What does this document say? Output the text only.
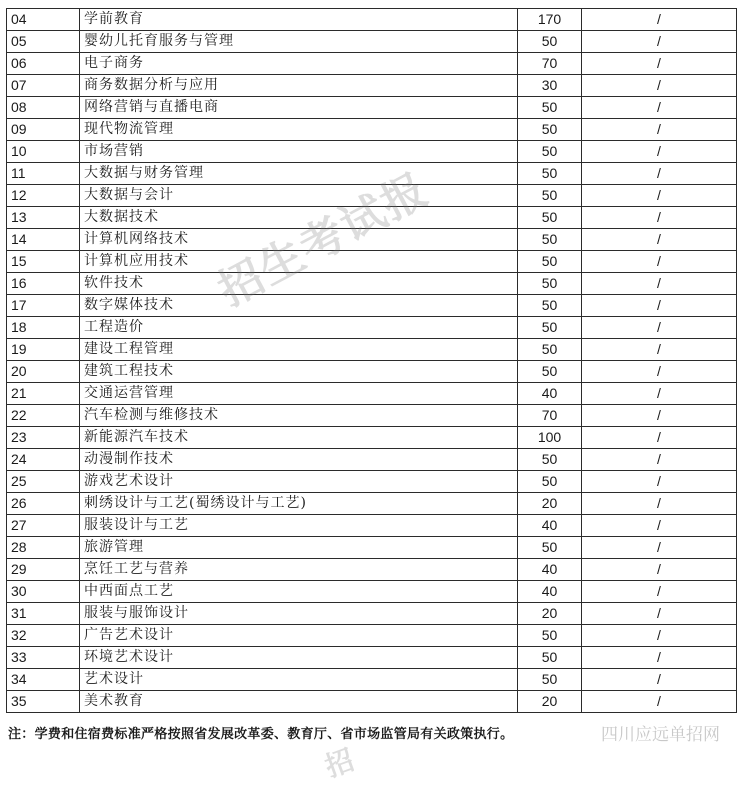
04	学前教育	170	/
05	婴幼儿托育服务与管理	50	/
06	电子商务	70	/
07	商务数据分析与应用	30	/
08	网络营销与直播电商	50	/
09	现代物流管理	50	/
10	市场营销	50	/
11	大数据与财务管理	50	/
12	大数据与会计	50	/
13	大数据技术	50	/
14	计算机网络技术	50	/
15	计算机应用技术	50	/
16	软件技术	50	/
17	数字媒体技术	50	/
18	工程造价	50	/
19	建设工程管理	50	/
20	建筑工程技术	50	/
21	交通运营管理	40	/
22	汽车检测与维修技术	70	/
23	新能源汽车技术	100	/
24	动漫制作技术	50	/
25	游戏艺术设计	50	/
26	刺绣设计与工艺(蜀绣设计与工艺)	20	/
27	服装设计与工艺	40	/
28	旅游管理	50	/
29	烹饪工艺与营养	40	/
30	中西面点工艺	40	/
31	服装与服饰设计	20	/
32	广告艺术设计	50	/
33	环境艺术设计	50	/
34	艺术设计	50	/
35	美术教育	20	/
招生考试报
招
注：学费和住宿费标准严格按照省发展改革委、教育厅、省市场监管局有关政策执行。	四川应远单招网
